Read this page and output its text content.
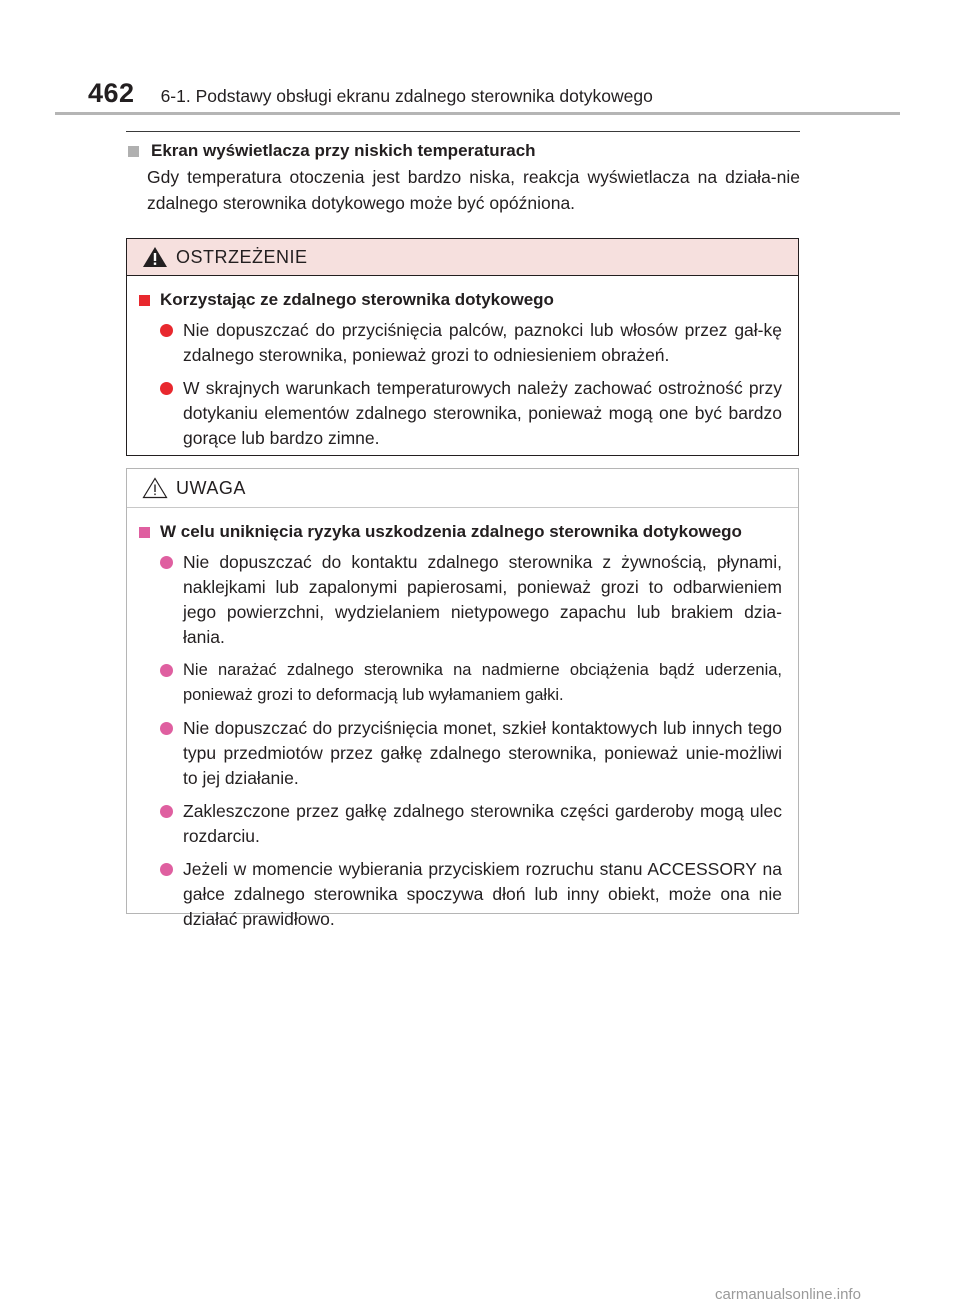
462 6-1. Podstawy obsługi ekranu zdalnego sterownika dotykowego
Ekran wyświetlacza przy niskich temperaturach
Gdy temperatura otoczenia jest bardzo niska, reakcja wyświetlacza na działa-nie zdalnego sterownika dotykowego może być opóźniona.
OSTRZEŻENIE
Korzystając ze zdalnego sterownika dotykowego
Nie dopuszczać do przyciśnięcia palców, paznokci lub włosów przez gał-kę zdalnego sterownika, ponieważ grozi to odniesieniem obrażeń.
W skrajnych warunkach temperaturowych należy zachować ostrożność przy dotykaniu elementów zdalnego sterownika, ponieważ mogą one być bardzo gorące lub bardzo zimne.
UWAGA
W celu uniknięcia ryzyka uszkodzenia zdalnego sterownika dotykowego
Nie dopuszczać do kontaktu zdalnego sterownika z żywnością, płynami, naklejkami lub zapalonymi papierosami, ponieważ grozi to odbarwieniem jego powierzchni, wydzielaniem nietypowego zapachu lub brakiem dzia-łania.
Nie narażać zdalnego sterownika na nadmierne obciążenia bądź uderzenia, ponieważ grozi to deformacją lub wyłamaniem gałki.
Nie dopuszczać do przyciśnięcia monet, szkieł kontaktowych lub innych tego typu przedmiotów przez gałkę zdalnego sterownika, ponieważ unie-możliwi to jej działanie.
Zakleszczone przez gałkę zdalnego sterownika części garderoby mogą ulec rozdarciu.
Jeżeli w momencie wybierania przyciskiem rozruchu stanu ACCESSORY na gałce zdalnego sterownika spoczywa dłoń lub inny obiekt, może ona nie działać prawidłowo.
carmanualsonline.info
